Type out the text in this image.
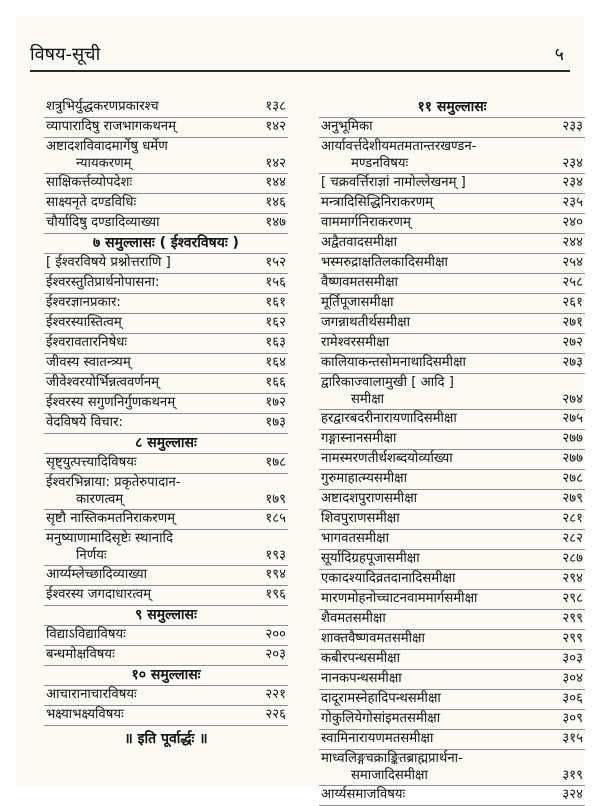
विषय-सूची	५
शत्रुभिर्युद्धकरणप्रकारश्च	१३८
व्यापारादिषु राजभागकथनम्	१४२
अष्टादशविवादमार्गेषु धर्मेण
न्यायकरणम्	१४२
साक्षिकर्त्तव्योपदेशः	१४४
साक्ष्यनृते दण्डविधिः	१४६
चौर्यादिषु दण्डादिव्याख्या	१४७
७ समुल्लासः ( ईश्वरविषयः )
[ ईश्वरविषये प्रश्नोत्तराणि ]	१५२
ईश्वरस्तुतिप्रार्थनोपासना:	१५६
ईश्वरज्ञानप्रकार:	१६१
ईश्वरस्यास्तित्वम्	१६२
ईश्वरावतारनिषेधः	१६३
जीवस्य स्वातन्त्र्यम्	१६४
जीवेश्वरयोर्भिन्नत्ववर्णनम्	१६६
ईश्वरस्य सगुणनिर्गुणकथनम्	१७२
वेदविषये विचार:	१७३
८ समुल्लासः
सृष्ट्युत्पत्त्यादिविषयः	१७८
ईश्वरभिन्नाया: प्रकृतेरुपादान-
कारणत्वम्	१७९
सृष्टौ नास्तिकमतनिराकरणम्	१८५
मनुष्याणामादिसृष्टेः स्थानादि
निर्णयः	१९३
आर्य्यम्लेच्छादिव्याख्या	१९४
ईश्वरस्य जगदाधारत्वम्	१९६
९ समुल्लासः
विद्याऽविद्याविषयः	२००
बन्धमोक्षविषयः	२०३
१० समुल्लासः
आचारानाचारविषयः	२२१
भक्ष्याभक्ष्यविषयः	२२६
॥ इति पूर्वार्द्धः ॥
११ समुल्लासः
अनुभूमिका	२३३
आर्यावर्त्तदेशीयमतमतान्तरखण्डन-
मण्डनविषयः	२३४
[ चक्रवर्त्तिराज्ञां नामोल्लेखनम् ]	२३४
मन्त्रादिसिद्धिनिराकरणम्	२३५
वाममार्गनिराकरणम्	२४०
अद्वैतवादसमीक्षा	२४४
भस्मरुद्राक्षतिलकादिसमीक्षा	२५४
वैष्णवमतसमीक्षा	२५८
मूर्तिपूजासमीक्षा	२६१
जगन्नाथतीर्थसमीक्षा	२७१
रामेश्वरसमीक्षा	२७२
कालियाकन्तसोमनाथादिसमीक्षा	२७३
द्वारिकाज्वालामुखी [ आदि ]
समीक्षा	२७४
हरद्वारबदरीनारायणादिसमीक्षा	२७५
गङ्गास्नानसमीक्षा	२७७
नामस्मरणतीर्थशब्दयोर्व्याख्या	२७७
गुरुमाहात्म्यसमीक्षा	२७८
अष्टादशपुराणसमीक्षा	२७९
शिवपुराणसमीक्षा	२८१
भागवतसमीक्षा	२८२
सूर्यादिग्रहपूजासमीक्षा	२८७
एकादश्यादिव्रतदानादिसमीक्षा	२९४
मारणमोहनोच्चाटनवाममार्गसमीक्षा	२९८
शैवमतसमीक्षा	२९९
शाक्तवैष्णवमतसमीक्षा	२९९
कबीरपन्थसमीक्षा	३०३
नानकपन्थसमीक्षा	३०४
दादूरामस्नेहादिपन्थसमीक्षा	३०६
गोकुलियेगोसांइमतसमीक्षा	३०९
स्वामिनारायणमतसमीक्षा	३१५
माध्वलिङ्गचक्राङ्कितब्राह्मप्रार्थना-
समाजादिसमीक्षा	३१९
आर्य्यसमाजविषयः	३२४
